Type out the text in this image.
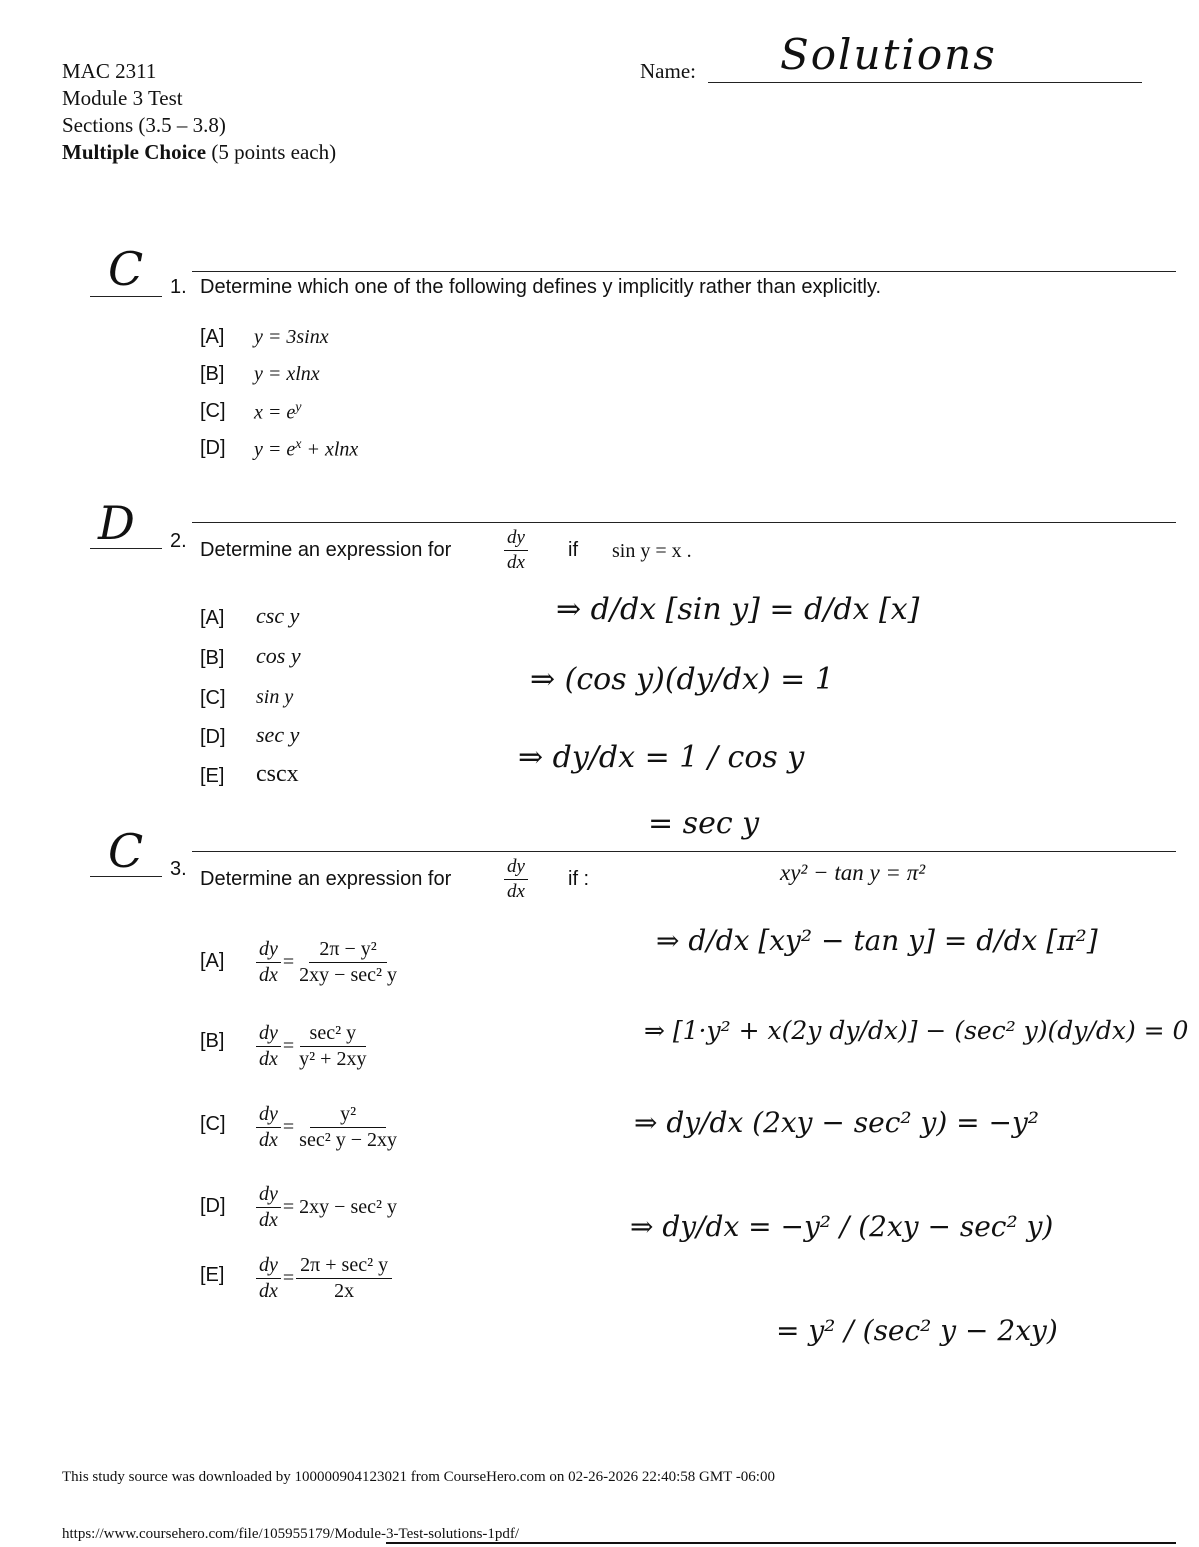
MAC 2311
Module 3 Test
Sections (3.5 – 3.8)
Multiple Choice (5 points each)
Name: Solutions
C 1. Determine which one of the following defines y implicitly rather than explicitly.
[A] y = 3sinx
[B] y = xlnx
[C] $x = e^y$
[D] $y = e^x + xlnx$
D 2. Determine an expression for	$\frac{dy}{dx}$ if sin y = x .
[A] csc y
[B] cos y
[C] sin y
[D] sec y
[E] cscx
⇒ d/dx [sin y] = d/dx [x]
⇒ (cos y)(dy/dx) = 1
⇒ dy/dx = 1 / cos y
= sec y
C 3. Determine an expression for	$\frac{dy}{dx}$ if :	xy² − tan y = π²
$[A] \frac{dy}{dx} = \frac{\text{2π − y²}}{\text{2xy − sec² y}}$
$[B] \frac{dy}{dx} = \frac{\text{sec² y}}{\text{y² + 2xy}}$
$[C] \frac{dy}{dx} = \frac{\text{y²}}{\text{sec² y − 2xy}}$
$[D] \frac{dy}{dx} = 2xy - \sec^2$ y
$[E] \frac{dy}{dx} = \frac{\text{2π + sec² y}}{2x}$
⇒ d/dx [xy² − tan y] = d/dx [π²]
⇒ [1·y² + x(2y dy/dx)] − (sec² y)(dy/dx) = 0
⇒ dy/dx (2xy − sec² y) = −y²
⇒ dy/dx = −y² / (2xy − sec² y)
= y² / (sec² y − 2xy)
This study source was downloaded by 100000904123021 from CourseHero.com on 02-26-2026 22:40:58 GMT -06:00
https://www.coursehero.com/file/105955179/Module-3-Test-solutions-1pdf/
